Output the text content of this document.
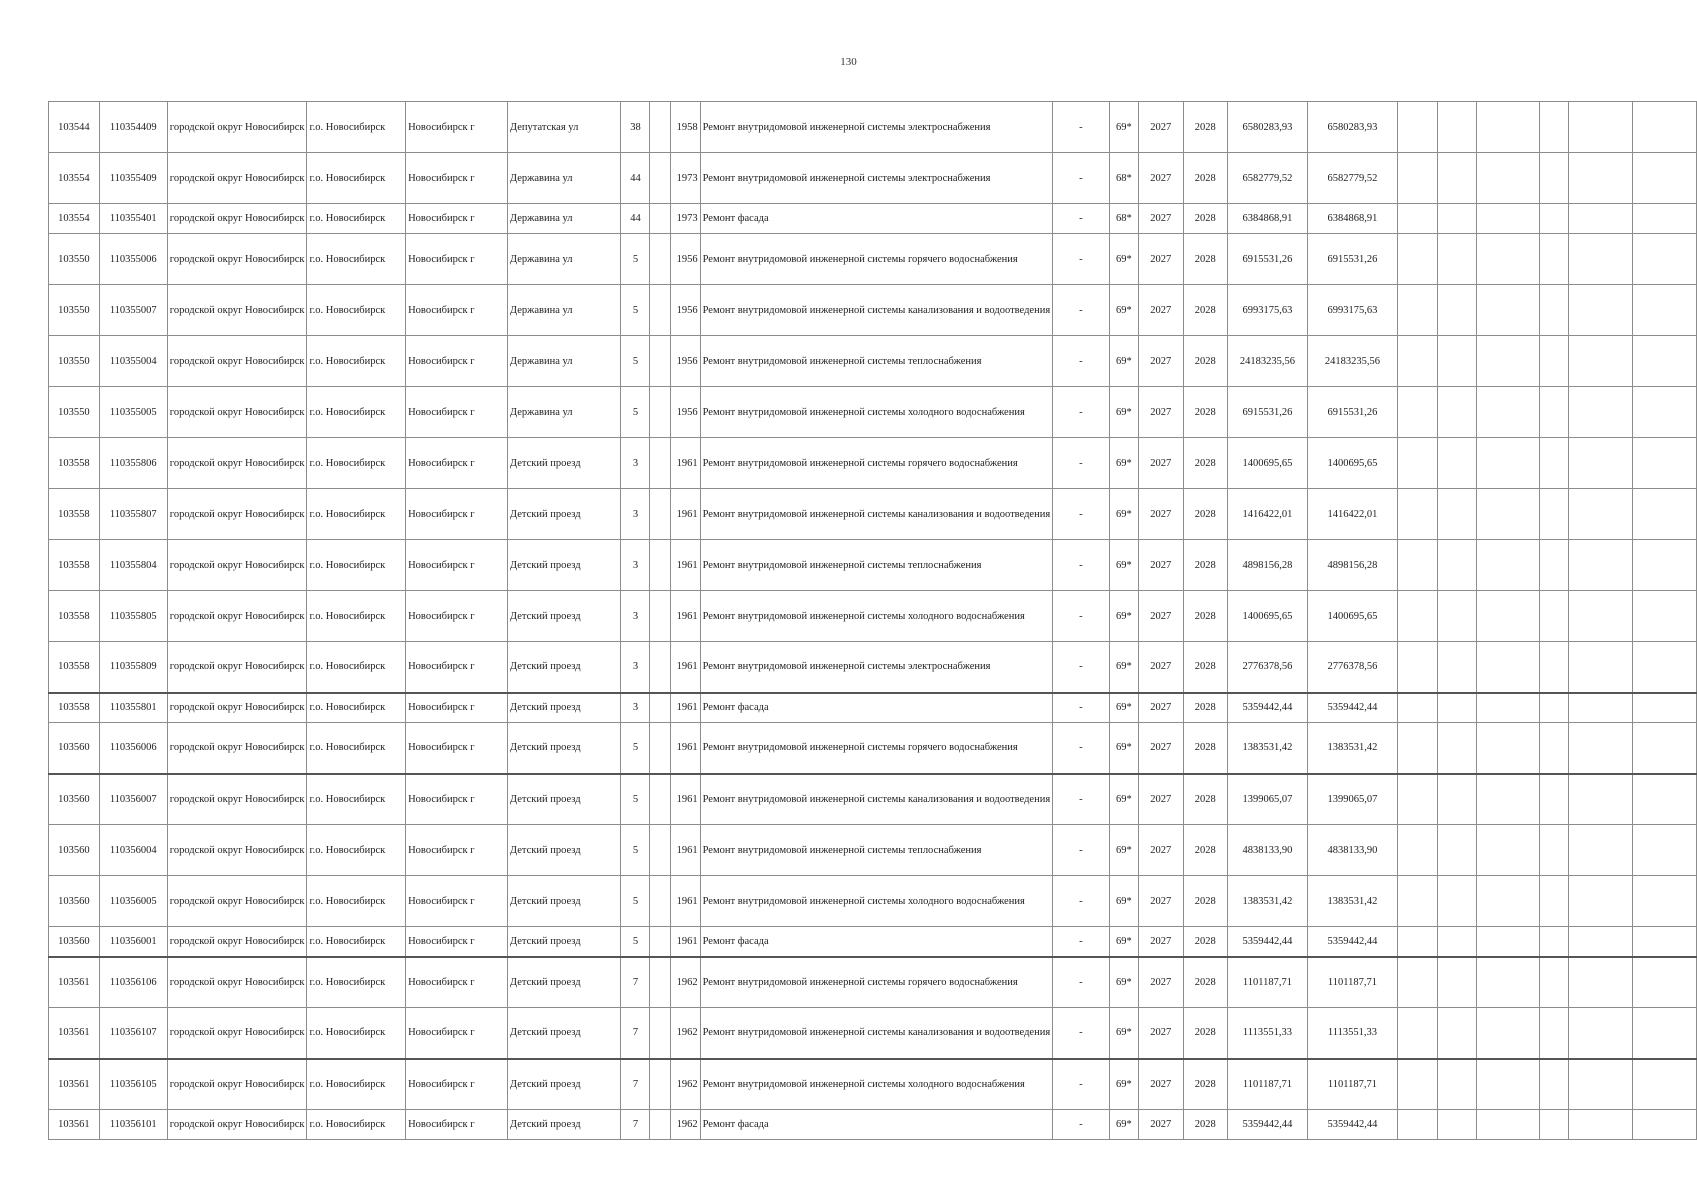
130
103544	110354409	городской округ Новосибирск	г.о. Новосибирск	Новосибирск г	Депутатская ул	38		1958	Ремонт внутридомовой инженерной системы электроснабжения	-	69*	2027	2028	6580283,93	6580283,93						
103554	110355409	городской округ Новосибирск	г.о. Новосибирск	Новосибирск г	Державина ул	44		1973	Ремонт внутридомовой инженерной системы электроснабжения	-	68*	2027	2028	6582779,52	6582779,52						
103554	110355401	городской округ Новосибирск	г.о. Новосибирск	Новосибирск г	Державина ул	44		1973	Ремонт фасада	-	68*	2027	2028	6384868,91	6384868,91						
103550	110355006	городской округ Новосибирск	г.о. Новосибирск	Новосибирск г	Державина ул	5		1956	Ремонт внутридомовой инженерной системы горячего водоснабжения	-	69*	2027	2028	6915531,26	6915531,26						
103550	110355007	городской округ Новосибирск	г.о. Новосибирск	Новосибирск г	Державина ул	5		1956	Ремонт внутридомовой инженерной системы канализования и водоотведения	-	69*	2027	2028	6993175,63	6993175,63						
103550	110355004	городской округ Новосибирск	г.о. Новосибирск	Новосибирск г	Державина ул	5		1956	Ремонт внутридомовой инженерной системы теплоснабжения	-	69*	2027	2028	24183235,56	24183235,56						
103550	110355005	городской округ Новосибирск	г.о. Новосибирск	Новосибирск г	Державина ул	5		1956	Ремонт внутридомовой инженерной системы холодного водоснабжения	-	69*	2027	2028	6915531,26	6915531,26						
103558	110355806	городской округ Новосибирск	г.о. Новосибирск	Новосибирск г	Детский проезд	3		1961	Ремонт внутридомовой инженерной системы горячего водоснабжения	-	69*	2027	2028	1400695,65	1400695,65						
103558	110355807	городской округ Новосибирск	г.о. Новосибирск	Новосибирск г	Детский проезд	3		1961	Ремонт внутридомовой инженерной системы канализования и водоотведения	-	69*	2027	2028	1416422,01	1416422,01						
103558	110355804	городской округ Новосибирск	г.о. Новосибирск	Новосибирск г	Детский проезд	3		1961	Ремонт внутридомовой инженерной системы теплоснабжения	-	69*	2027	2028	4898156,28	4898156,28						
103558	110355805	городской округ Новосибирск	г.о. Новосибирск	Новосибирск г	Детский проезд	3		1961	Ремонт внутридомовой инженерной системы холодного водоснабжения	-	69*	2027	2028	1400695,65	1400695,65						
103558	110355809	городской округ Новосибирск	г.о. Новосибирск	Новосибирск г	Детский проезд	3		1961	Ремонт внутридомовой инженерной системы электроснабжения	-	69*	2027	2028	2776378,56	2776378,56						
103558	110355801	городской округ Новосибирск	г.о. Новосибирск	Новосибирск г	Детский проезд	3		1961	Ремонт фасада	-	69*	2027	2028	5359442,44	5359442,44						
103560	110356006	городской округ Новосибирск	г.о. Новосибирск	Новосибирск г	Детский проезд	5		1961	Ремонт внутридомовой инженерной системы горячего водоснабжения	-	69*	2027	2028	1383531,42	1383531,42						
103560	110356007	городской округ Новосибирск	г.о. Новосибирск	Новосибирск г	Детский проезд	5		1961	Ремонт внутридомовой инженерной системы канализования и водоотведения	-	69*	2027	2028	1399065,07	1399065,07						
103560	110356004	городской округ Новосибирск	г.о. Новосибирск	Новосибирск г	Детский проезд	5		1961	Ремонт внутридомовой инженерной системы теплоснабжения	-	69*	2027	2028	4838133,90	4838133,90						
103560	110356005	городской округ Новосибирск	г.о. Новосибирск	Новосибирск г	Детский проезд	5		1961	Ремонт внутридомовой инженерной системы холодного водоснабжения	-	69*	2027	2028	1383531,42	1383531,42						
103560	110356001	городской округ Новосибирск	г.о. Новосибирск	Новосибирск г	Детский проезд	5		1961	Ремонт фасада	-	69*	2027	2028	5359442,44	5359442,44						
103561	110356106	городской округ Новосибирск	г.о. Новосибирск	Новосибирск г	Детский проезд	7		1962	Ремонт внутридомовой инженерной системы горячего водоснабжения	-	69*	2027	2028	1101187,71	1101187,71						
103561	110356107	городской округ Новосибирск	г.о. Новосибирск	Новосибирск г	Детский проезд	7		1962	Ремонт внутридомовой инженерной системы канализования и водоотведения	-	69*	2027	2028	1113551,33	1113551,33						
103561	110356105	городской округ Новосибирск	г.о. Новосибирск	Новосибирск г	Детский проезд	7		1962	Ремонт внутридомовой инженерной системы холодного водоснабжения	-	69*	2027	2028	1101187,71	1101187,71						
103561	110356101	городской округ Новосибирск	г.о. Новосибирск	Новосибирск г	Детский проезд	7		1962	Ремонт фасада	-	69*	2027	2028	5359442,44	5359442,44						
